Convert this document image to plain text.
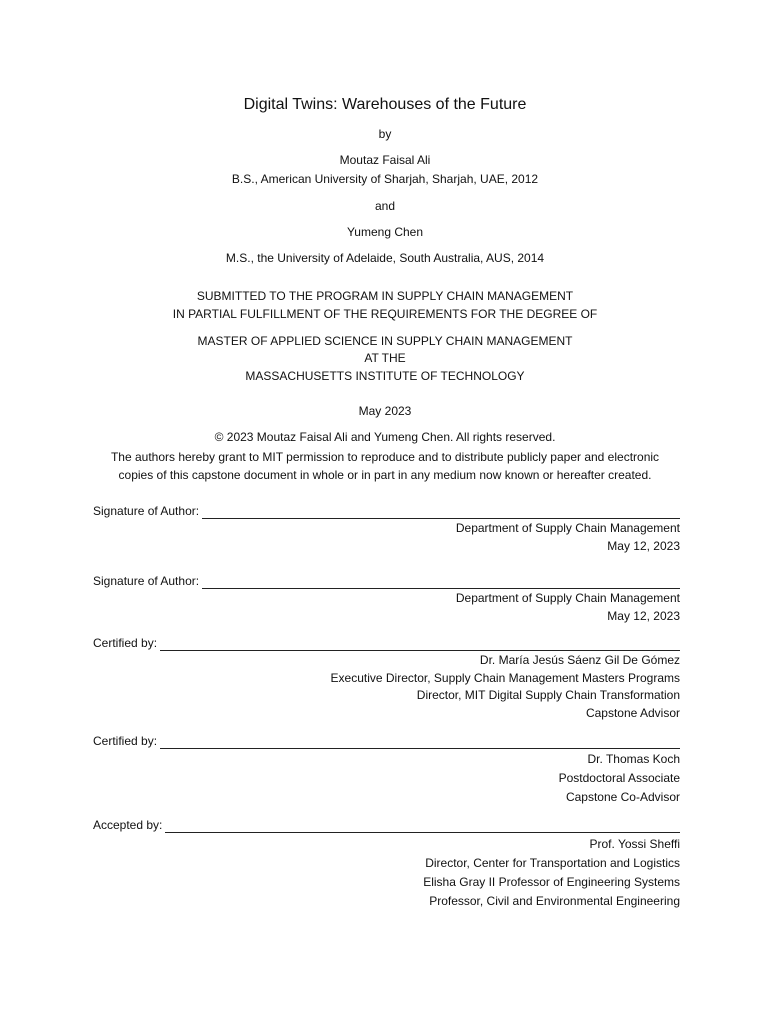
Digital Twins: Warehouses of the Future
by
Moutaz Faisal Ali
B.S., American University of Sharjah, Sharjah, UAE, 2012
and
Yumeng Chen
M.S., the University of Adelaide, South Australia, AUS, 2014
SUBMITTED TO THE PROGRAM IN SUPPLY CHAIN MANAGEMENT
IN PARTIAL FULFILLMENT OF THE REQUIREMENTS FOR THE DEGREE OF
MASTER OF APPLIED SCIENCE IN SUPPLY CHAIN MANAGEMENT
AT THE
MASSACHUSETTS INSTITUTE OF TECHNOLOGY
May 2023
© 2023 Moutaz Faisal Ali and Yumeng Chen. All rights reserved.
The authors hereby grant to MIT permission to reproduce and to distribute publicly paper and electronic
copies of this capstone document in whole or in part in any medium now known or hereafter created.
Signature of Author:
Department of Supply Chain Management
May 12, 2023
Signature of Author:
Department of Supply Chain Management
May 12, 2023
Certified by:
Dr. María Jesús Sáenz Gil De Gómez
Executive Director, Supply Chain Management Masters Programs
Director, MIT Digital Supply Chain Transformation
Capstone Advisor
Certified by:
Dr. Thomas Koch
Postdoctoral Associate
Capstone Co-Advisor
Accepted by:
Prof. Yossi Sheffi
Director, Center for Transportation and Logistics
Elisha Gray II Professor of Engineering Systems
Professor, Civil and Environmental Engineering
